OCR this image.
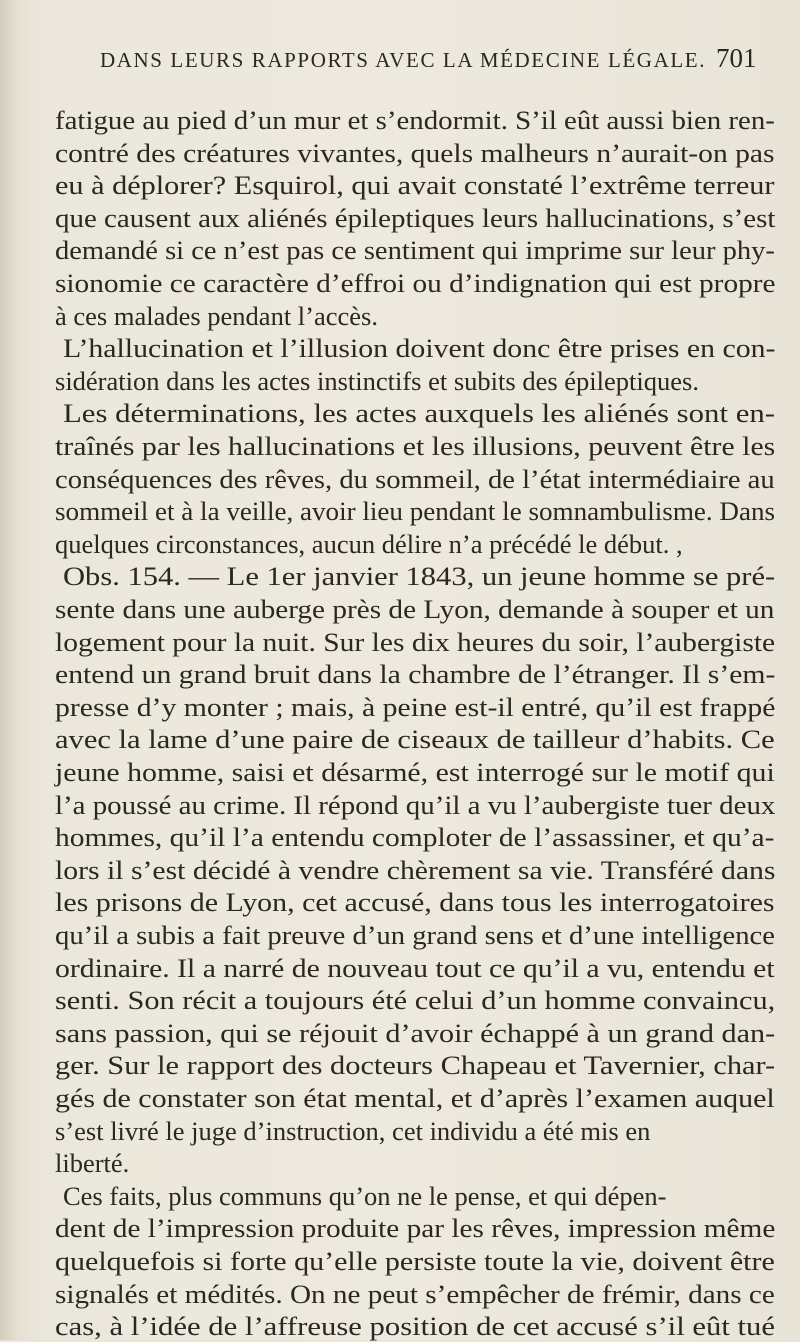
DANS LEURS RAPPORTS AVEC LA MÉDECINE LÉGALE. 701
fatigue au pied d’un mur et s’endormit. S’il eût aussi bien ren-
contré des créatures vivantes, quels malheurs n’aurait-on pas
eu à déplorer? Esquirol, qui avait constaté l’extrême terreur
que causent aux aliénés épileptiques leurs hallucinations, s’est
demandé si ce n’est pas ce sentiment qui imprime sur leur phy-
sionomie ce caractère d’effroi ou d’indignation qui est propre
à ces malades pendant l’accès.
L’hallucination et l’illusion doivent donc être prises en con-
sidération dans les actes instinctifs et subits des épileptiques.
Les déterminations, les actes auxquels les aliénés sont en-
traînés par les hallucinations et les illusions, peuvent être les
conséquences des rêves, du sommeil, de l’état intermédiaire au
sommeil et à la veille, avoir lieu pendant le somnambulisme. Dans
quelques circonstances, aucun délire n’a précédé le début. ,
Obs. 154. — Le 1er janvier 1843, un jeune homme se pré-
sente dans une auberge près de Lyon, demande à souper et un
logement pour la nuit. Sur les dix heures du soir, l’aubergiste
entend un grand bruit dans la chambre de l’étranger. Il s’em-
presse d’y monter ; mais, à peine est-il entré, qu’il est frappé
avec la lame d’une paire de ciseaux de tailleur d’habits. Ce
jeune homme, saisi et désarmé, est interrogé sur le motif qui
l’a poussé au crime. Il répond qu’il a vu l’aubergiste tuer deux
hommes, qu’il l’a entendu comploter de l’assassiner, et qu’a-
lors il s’est décidé à vendre chèrement sa vie. Transféré dans
les prisons de Lyon, cet accusé, dans tous les interrogatoires
qu’il a subis a fait preuve d’un grand sens et d’une intelligence
ordinaire. Il a narré de nouveau tout ce qu’il a vu, entendu et
senti. Son récit a toujours été celui d’un homme convaincu,
sans passion, qui se réjouit d’avoir échappé à un grand dan-
ger. Sur le rapport des docteurs Chapeau et Tavernier, char-
gés de constater son état mental, et d’après l’examen auquel
s’est livré le juge d’instruction, cet individu a été mis en
liberté.
Ces faits, plus communs qu’on ne le pense, et qui dépen-
dent de l’impression produite par les rêves, impression même
quelquefois si forte qu’elle persiste toute la vie, doivent être
signalés et médités. On ne peut s’empêcher de frémir, dans ce
cas, à l’idée de l’affreuse position de cet accusé s’il eût tué
